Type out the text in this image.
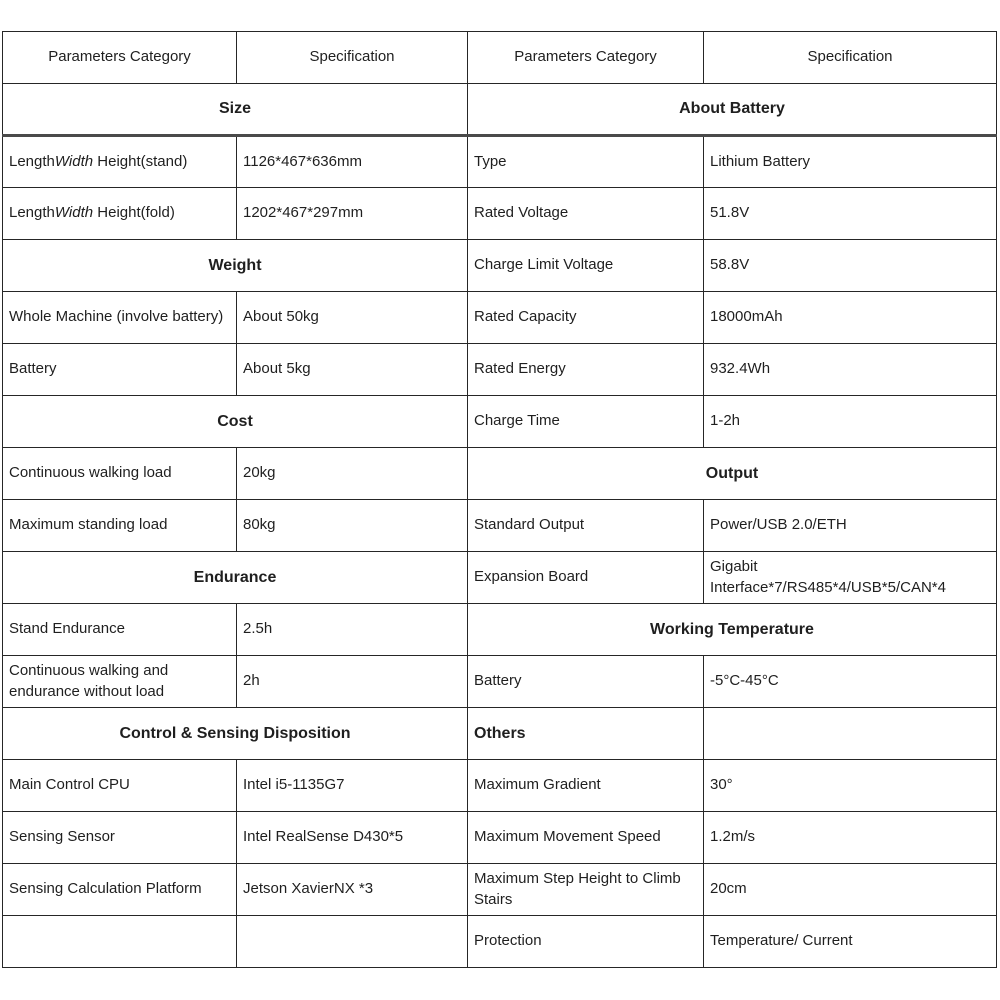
Parameters Category	Specification	Parameters Category	Specification
Size		About Battery	
LengthWidth Height(stand)	1126*467*636mm	Type	Lithium Battery
LengthWidth Height(fold)	1202*467*297mm	Rated Voltage	51.8V
Weight		Charge Limit Voltage	58.8V
Whole Machine (involve battery)	About 50kg	Rated Capacity	18000mAh
Battery	About 5kg	Rated Energy	932.4Wh
Cost		Charge Time	1-2h
Continuous walking load	20kg	Output	
Maximum standing load	80kg	Standard Output	Power/USB 2.0/ETH
Endurance		Expansion Board	Gigabit Interface*7/RS485*4/USB*5/CAN*4
Stand Endurance	2.5h	Working Temperature	
Continuous walking and endurance without load	2h	Battery	-5°C-45°C
Control & Sensing Disposition		Others	
Main Control CPU	Intel i5-1135G7	Maximum Gradient	30°
Sensing Sensor	Intel RealSense D430*5	Maximum Movement Speed	1.2m/s
Sensing Calculation Platform	Jetson XavierNX *3	Maximum Step Height to Climb Stairs	20cm
		Protection	Temperature/ Current
